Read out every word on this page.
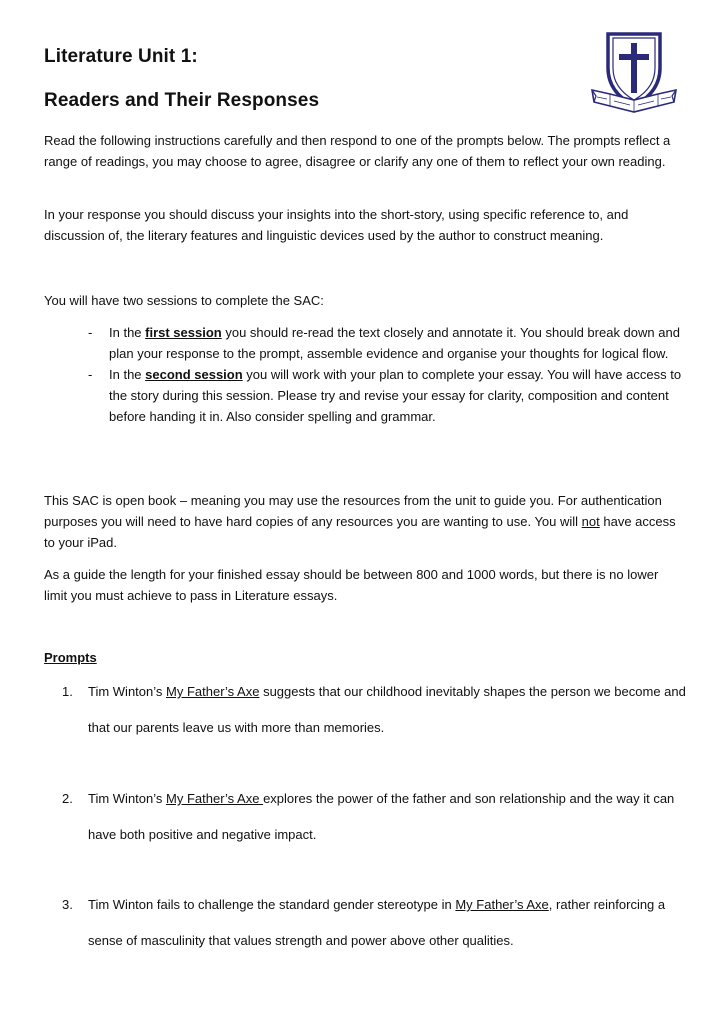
Literature Unit 1:
Readers and Their Responses

Read the following instructions carefully and then respond to one of the prompts below. The prompts reflect a range of readings, you may choose to agree, disagree or clarify any one of them to reflect your own reading.

In your response you should discuss your insights into the short-story, using specific reference to, and discussion of, the literary features and linguistic devices used by the author to construct meaning.

You will have two sessions to complete the SAC:

- In the first session you should re-read the text closely and annotate it. You should break down and plan your response to the prompt, assemble evidence and organise your thoughts for logical flow.
- In the second session you will work with your plan to complete your essay. You will have access to the story during this session. Please try and revise your essay for clarity, composition and content before handing it in. Also consider spelling and grammar.

This SAC is open book – meaning you may use the resources from the unit to guide you. For authentication purposes you will need to have hard copies of any resources you are wanting to use. You will not have access to your iPad.

As a guide the length for your finished essay should be between 800 and 1000 words, but there is no lower limit you must achieve to pass in Literature essays.

Prompts
1.	Tim Winton’s My Father’s Axe suggests that our childhood inevitably shapes the person we become and that our parents leave us with more than memories.
2.	Tim Winton’s My Father’s Axe explores the power of the father and son relationship and the way it can have both positive and negative impact.
3.	Tim Winton fails to challenge the standard gender stereotype in My Father’s Axe, rather reinforcing a sense of masculinity that values strength and power above other qualities.
